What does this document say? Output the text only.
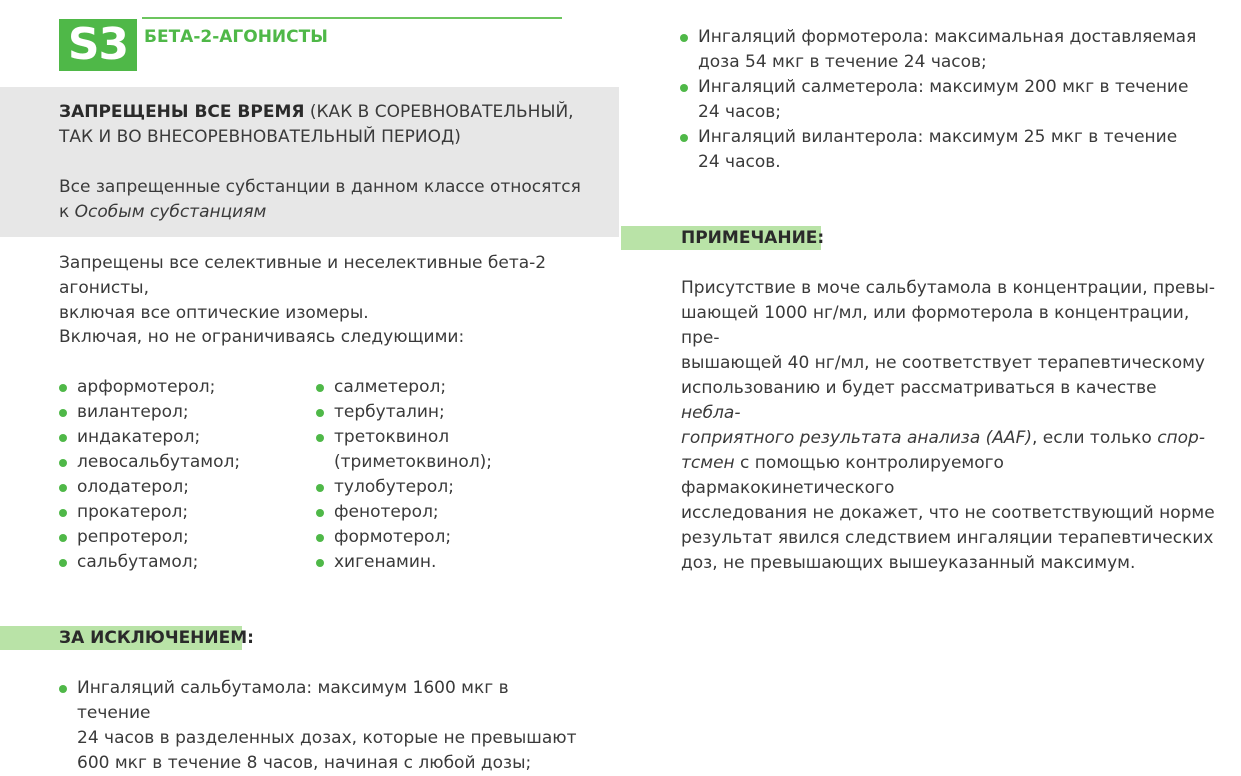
S3 БЕТА-2-АГОНИСТЫ
ЗАПРЕЩЕНЫ ВСЕ ВРЕМЯ (КАК В СОРЕВНОВАТЕЛЬНЫЙ,
ТАК И ВО ВНЕСОРЕВНОВАТЕЛЬНЫЙ ПЕРИОД)
Все запрещенные субстанции в данном классе относятся
к Особым субстанциям
Запрещены все селективные и неселективные бета-2 агонисты,
включая все оптические изомеры.
Включая, но не ограничиваясь следующими:
арформотерол;
вилантерол;
индакатерол;
левосальбутамол;
олодатерол;
прокатерол;
репротерол;
сальбутамол;
салметерол;
тербуталин;
третоквинол
(триметоквинол);
тулобутерол;
фенотерол;
формотерол;
хигенамин.
ЗА ИСКЛЮЧЕНИЕМ:
Ингаляций сальбутамола: максимум 1600 мкг в течение
24 часов в разделенных дозах, которые не превышают
600 мкг в течение 8 часов, начиная с любой дозы;
Ингаляций формотерола: максимальная доставляемая
доза 54 мкг в течение 24 часов;
Ингаляций салметерола: максимум 200 мкг в течение
24 часов;
Ингаляций вилантерола: максимум 25 мкг в течение
24 часов.
ПРИМЕЧАНИЕ:
Присутствие в моче сальбутамола в концентрации, превы-
шающей 1000 нг/мл, или формотерола в концентрации, пре-
вышающей 40 нг/мл, не соответствует терапевтическому
использованию и будет рассматриваться в качестве небла-
гоприятного результата анализа (AAF), если только спор-
тсмен с помощью контролируемого фармакокинетического
исследования не докажет, что не соответствующий норме
результат явился следствием ингаляции терапевтических
доз, не превышающих вышеуказанный максимум.
